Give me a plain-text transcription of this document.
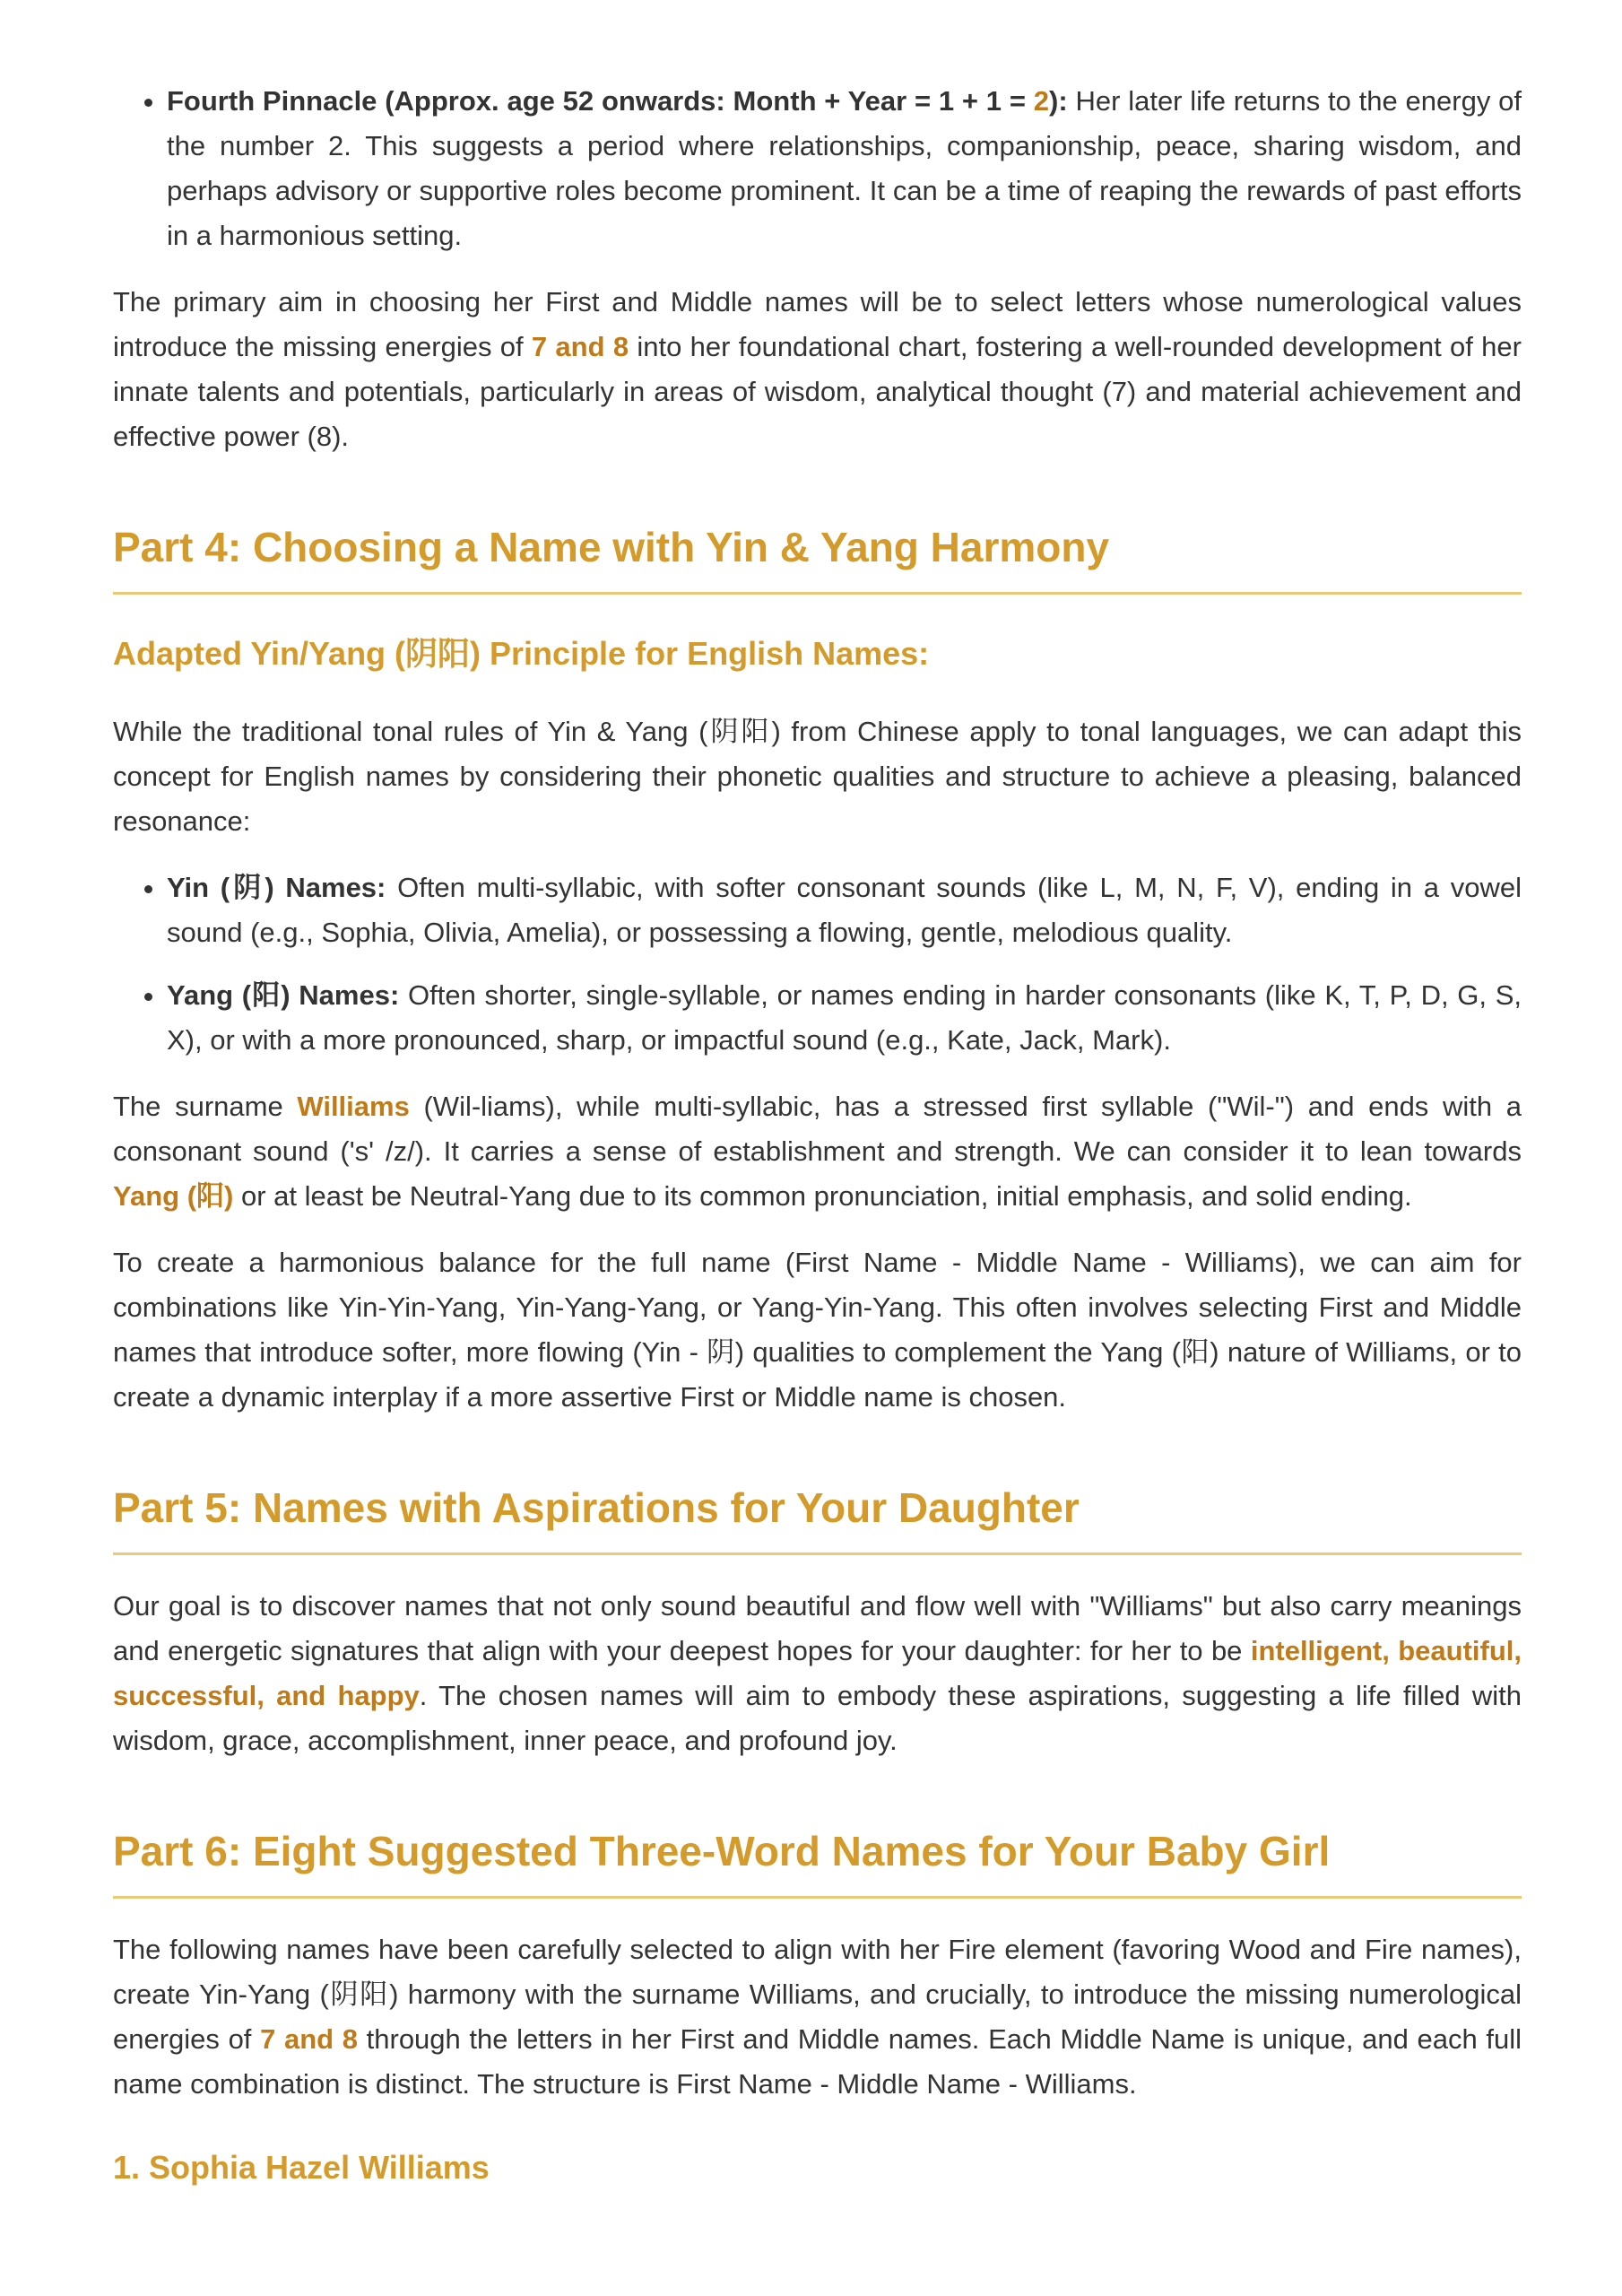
• Fourth Pinnacle (Approx. age 52 onwards: Month + Year = 1 + 1 = 2): Her later life returns to the energy of the number 2. This suggests a period where relationships, companionship, peace, sharing wisdom, and perhaps advisory or supportive roles become prominent. It can be a time of reaping the rewards of past efforts in a harmonious setting.

The primary aim in choosing her First and Middle names will be to select letters whose numerological values introduce the missing energies of 7 and 8 into her foundational chart, fostering a well-rounded development of her innate talents and potentials, particularly in areas of wisdom, analytical thought (7) and material achievement and effective power (8).

Part 4: Choosing a Name with Yin & Yang Harmony
Adapted Yin/Yang (阴阳) Principle for English Names:

While the traditional tonal rules of Yin & Yang (阴阳) from Chinese apply to tonal languages, we can adapt this concept for English names by considering their phonetic qualities and structure to achieve a pleasing, balanced resonance:

• Yin (阴) Names: Often multi-syllabic, with softer consonant sounds (like L, M, N, F, V), ending in a vowel sound (e.g., Sophia, Olivia, Amelia), or possessing a flowing, gentle, melodious quality.
• Yang (阳) Names: Often shorter, single-syllable, or names ending in harder consonants (like K, T, P, D, G, S, X), or with a more pronounced, sharp, or impactful sound (e.g., Kate, Jack, Mark).

The surname Williams (Wil-liams), while multi-syllabic, has a stressed first syllable ("Wil-") and ends with a consonant sound ('s' /z/). It carries a sense of establishment and strength. We can consider it to lean towards Yang (阳) or at least be Neutral-Yang due to its common pronunciation, initial emphasis, and solid ending.

To create a harmonious balance for the full name (First Name - Middle Name - Williams), we can aim for combinations like Yin-Yin-Yang, Yin-Yang-Yang, or Yang-Yin-Yang. This often involves selecting First and Middle names that introduce softer, more flowing (Yin - 阴) qualities to complement the Yang (阳) nature of Williams, or to create a dynamic interplay if a more assertive First or Middle name is chosen.

Part 5: Names with Aspirations for Your Daughter

Our goal is to discover names that not only sound beautiful and flow well with "Williams" but also carry meanings and energetic signatures that align with your deepest hopes for your daughter: for her to be intelligent, beautiful, successful, and happy. The chosen names will aim to embody these aspirations, suggesting a life filled with wisdom, grace, accomplishment, inner peace, and profound joy.

Part 6: Eight Suggested Three-Word Names for Your Baby Girl

The following names have been carefully selected to align with her Fire element (favoring Wood and Fire names), create Yin-Yang (阴阳) harmony with the surname Williams, and crucially, to introduce the missing numerological energies of 7 and 8 through the letters in her First and Middle names. Each Middle Name is unique, and each full name combination is distinct. The structure is First Name - Middle Name - Williams.

1. Sophia Hazel Williams
